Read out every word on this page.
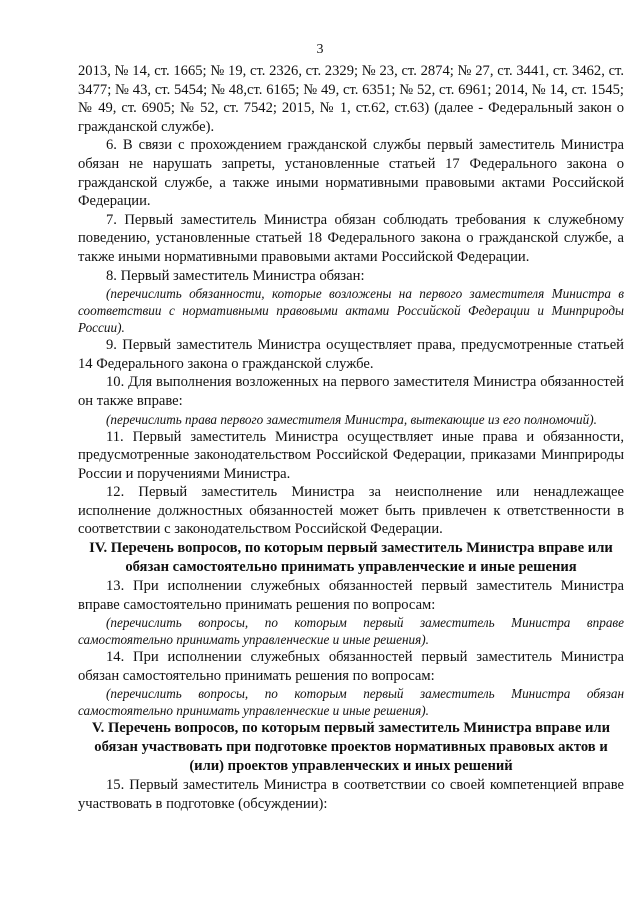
3

2013, № 14, ст. 1665; № 19, ст. 2326, ст. 2329; № 23, ст. 2874; № 27, ст. 3441, ст. 3462, ст. 3477; № 43, ст. 5454; № 48,ст. 6165; № 49, ст. 6351; № 52, ст. 6961; 2014, № 14, ст. 1545; № 49, ст. 6905; № 52, ст. 7542; 2015, № 1, ст.62, ст.63) (далее - Федеральный закон о гражданской службе).

6. В связи с прохождением гражданской службы первый заместитель Министра обязан не нарушать запреты, установленные статьей 17 Федерального закона о гражданской службе, а также иными нормативными правовыми актами Российской Федерации.

7. Первый заместитель Министра обязан соблюдать требования к служебному поведению, установленные статьей 18 Федерального закона о гражданской службе, а также иными нормативными правовыми актами Российской Федерации.

8. Первый заместитель Министра обязан:

(перечислить обязанности, которые возложены на первого заместителя Министра в соответствии с нормативными правовыми актами Российской Федерации и Минприроды России).

9. Первый заместитель Министра осуществляет права, предусмотренные статьей 14 Федерального закона о гражданской службе.

10. Для выполнения возложенных на первого заместителя Министра обязанностей он также вправе:

(перечислить права первого заместителя Министра, вытекающие из его полномочий).

11. Первый заместитель Министра осуществляет иные права и обязанности, предусмотренные законодательством Российской Федерации, приказами Минприроды России и поручениями Министра.

12. Первый заместитель Министра за неисполнение или ненадлежащее исполнение должностных обязанностей может быть привлечен к ответственности в соответствии с законодательством Российской Федерации.

IV. Перечень вопросов, по которым первый заместитель Министра вправе или обязан самостоятельно принимать управленческие и иные решения

13. При исполнении служебных обязанностей первый заместитель Министра вправе самостоятельно принимать решения по вопросам:

(перечислить вопросы, по которым первый заместитель Министра вправе самостоятельно принимать управленческие и иные решения).

14. При исполнении служебных обязанностей первый заместитель Министра обязан самостоятельно принимать решения по вопросам:

(перечислить вопросы, по которым первый заместитель Министра обязан самостоятельно принимать управленческие и иные решения).

V. Перечень вопросов, по которым первый заместитель Министра вправе или обязан участвовать при подготовке проектов нормативных правовых актов и (или) проектов управленческих и иных решений

15. Первый заместитель Министра в соответствии со своей компетенцией вправе участвовать в подготовке (обсуждении):
